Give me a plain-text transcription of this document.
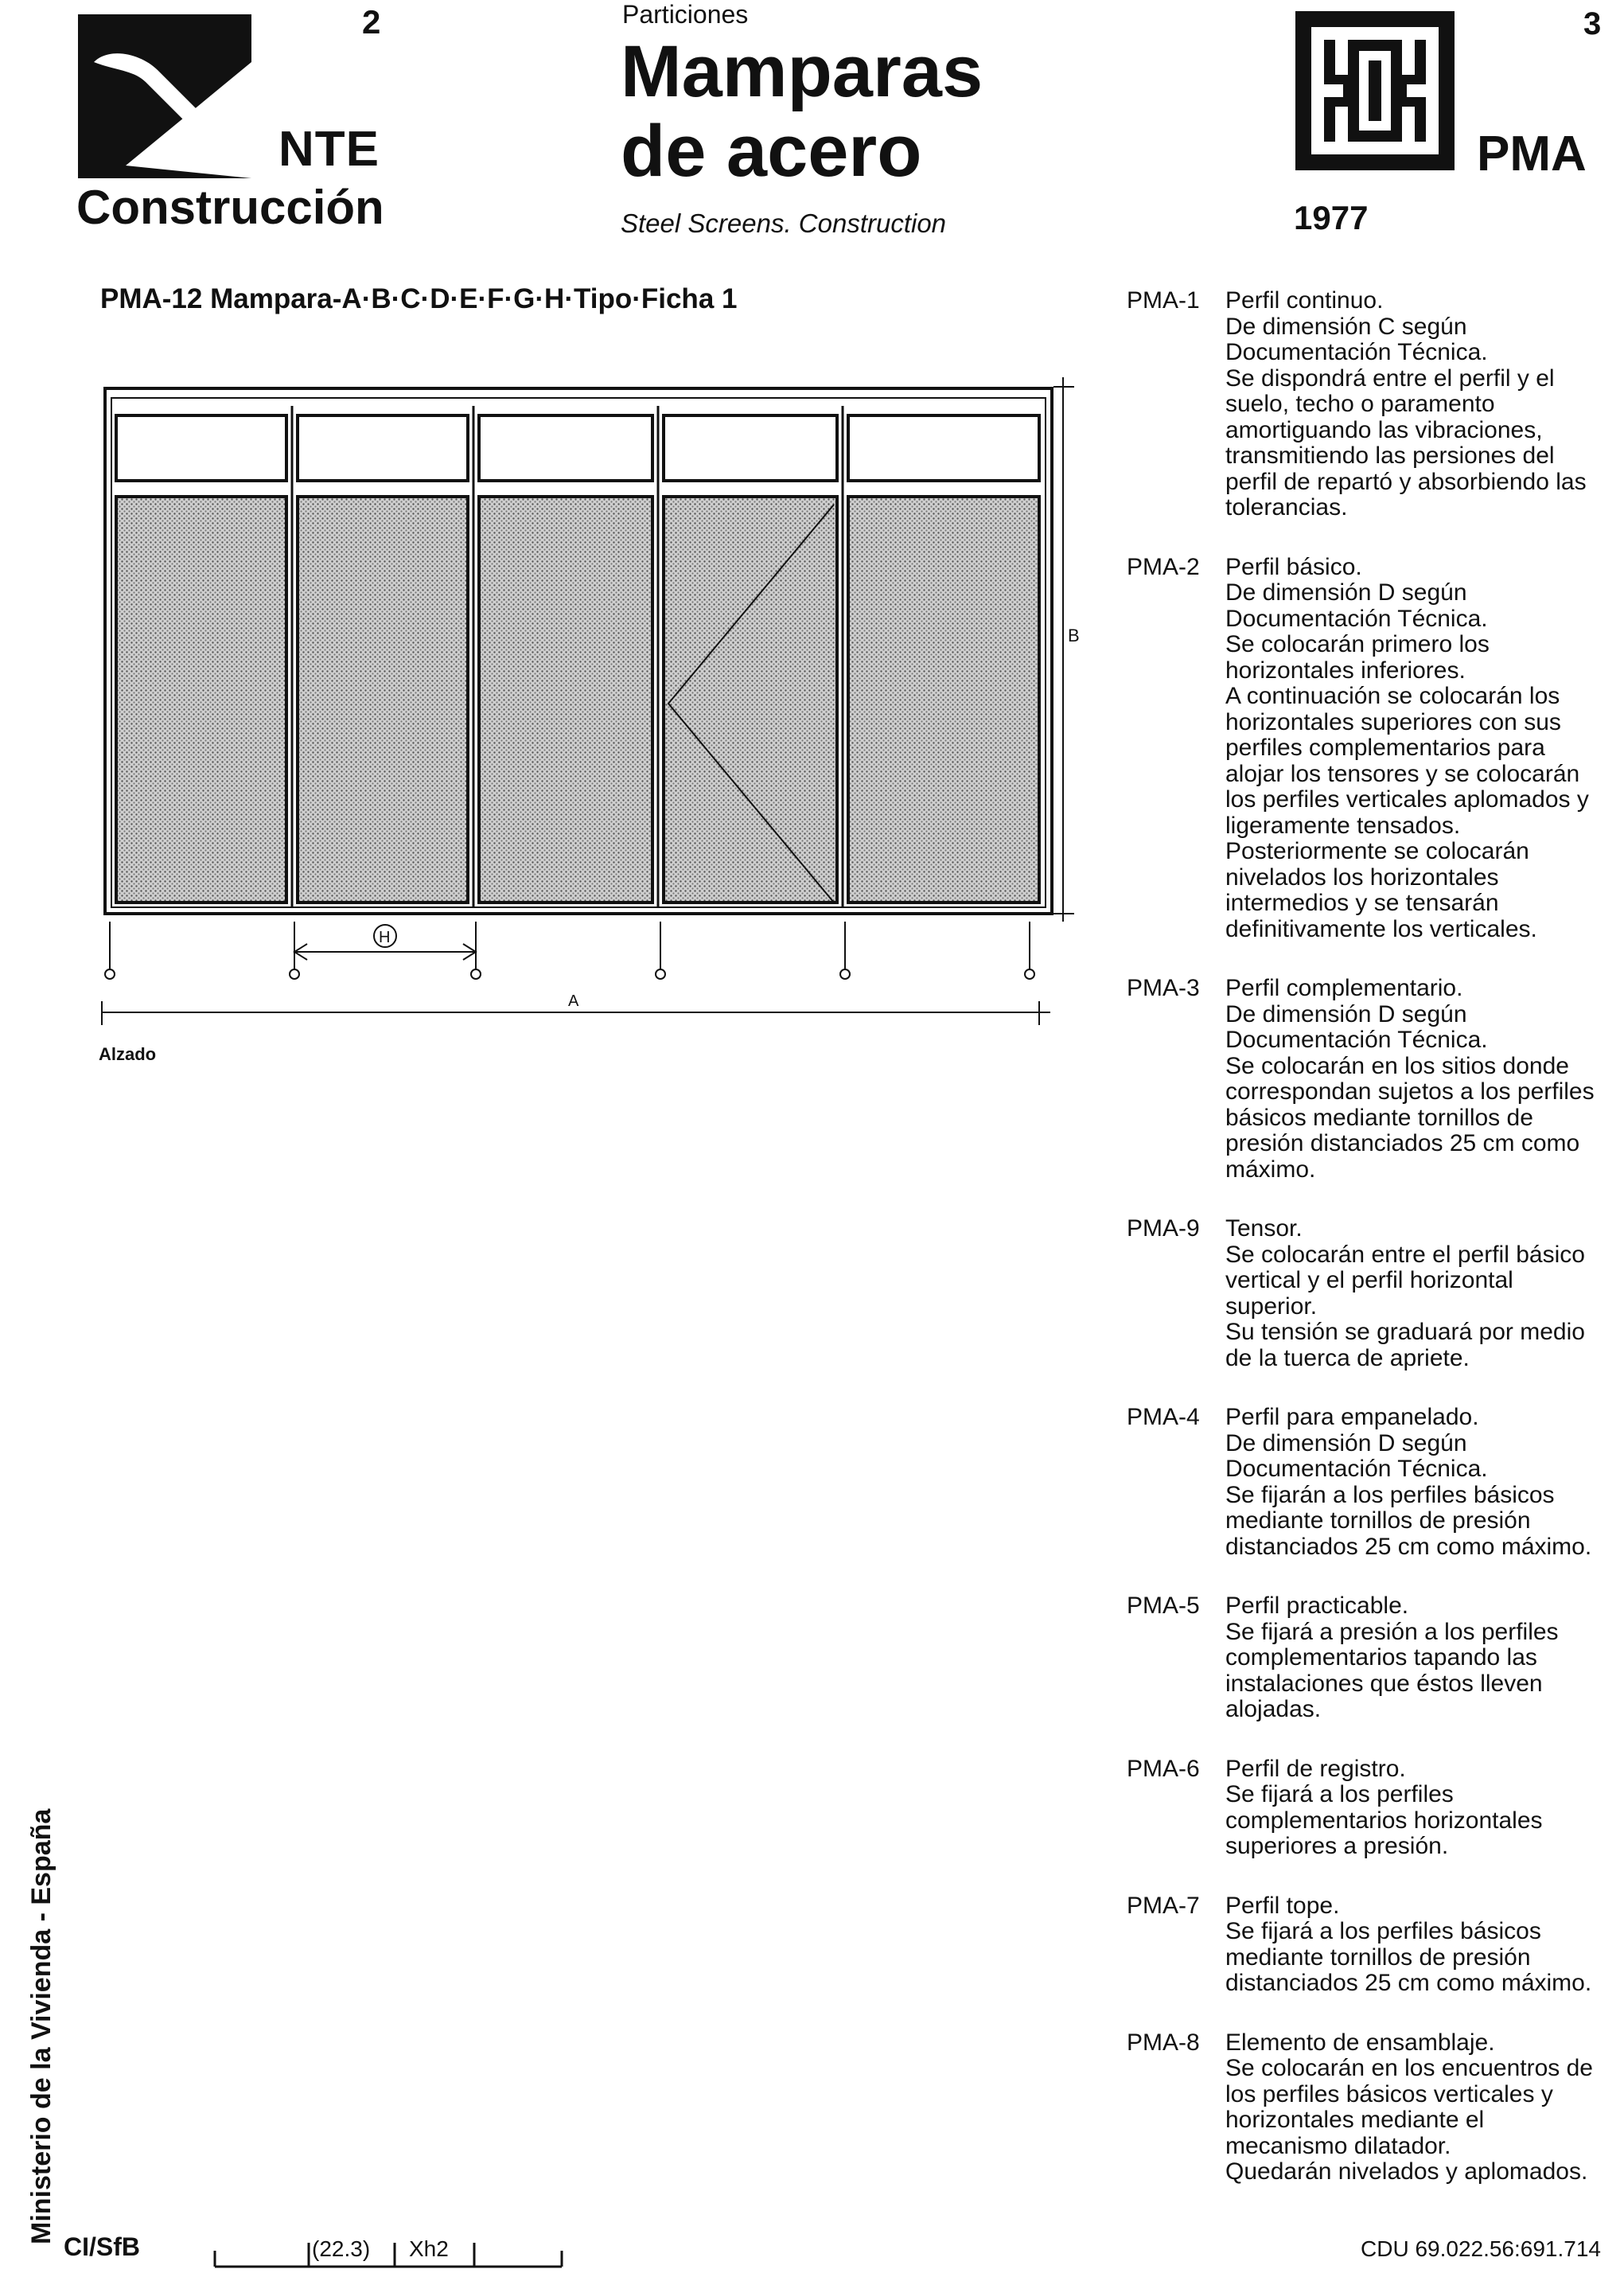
2
NTE
Construcción
Particiones
Mamparas
de acero
Steel Screens. Construction
3
PMA
1977
PMA-12 Mampara-A·B·C·D·E·F·G·H·Tipo·Ficha 1
B
H
A
Alzado
PMA-1	Perfil continuo.
De dimensión C según Documentación Técnica.
Se dispondrá entre el perfil y el suelo, techo o paramento amortiguando las vibraciones, transmitiendo las persiones del perfil de repartó y absorbiendo las tolerancias.
PMA-2	Perfil básico.
De dimensión D según Documentación Técnica.
Se colocarán primero los horizontales inferiores.
A continuación se colocarán los horizontales superiores con sus perfiles complementarios para alojar los tensores y se colocarán los perfiles verticales aplomados y ligeramente tensados. Posteriormente se colocarán nivelados los horizontales intermedios y se tensarán definitivamente los verticales.
PMA-3	Perfil complementario.
De dimensión D según Documentación Técnica.
Se colocarán en los sitios donde correspondan sujetos a los perfiles básicos mediante tornillos de presión distanciados 25 cm como máximo.
PMA-9	Tensor.
Se colocarán entre el perfil básico vertical y el perfil horizontal superior.
Su tensión se graduará por medio de la tuerca de apriete.
PMA-4	Perfil para empanelado.
De dimensión D según Documentación Técnica.
Se fijarán a los perfiles básicos mediante tornillos de presión distanciados 25 cm como máximo.
PMA-5	Perfil practicable.
Se fijará a presión a los perfiles complementarios tapando las instalaciones que éstos lleven alojadas.
PMA-6	Perfil de registro.
Se fijará a los perfiles complementarios horizontales superiores a presión.
PMA-7	Perfil tope.
Se fijará a los perfiles básicos mediante tornillos de presión distanciados 25 cm como máximo.
PMA-8	Elemento de ensamblaje.
Se colocarán en los encuentros de los perfiles básicos verticales y horizontales mediante el mecanismo dilatador.
Quedarán nivelados y aplomados.
Ministerio de la Vivienda - España
CI/SfB	(22.3) Xh2	CDU 69.022.56:691.714
